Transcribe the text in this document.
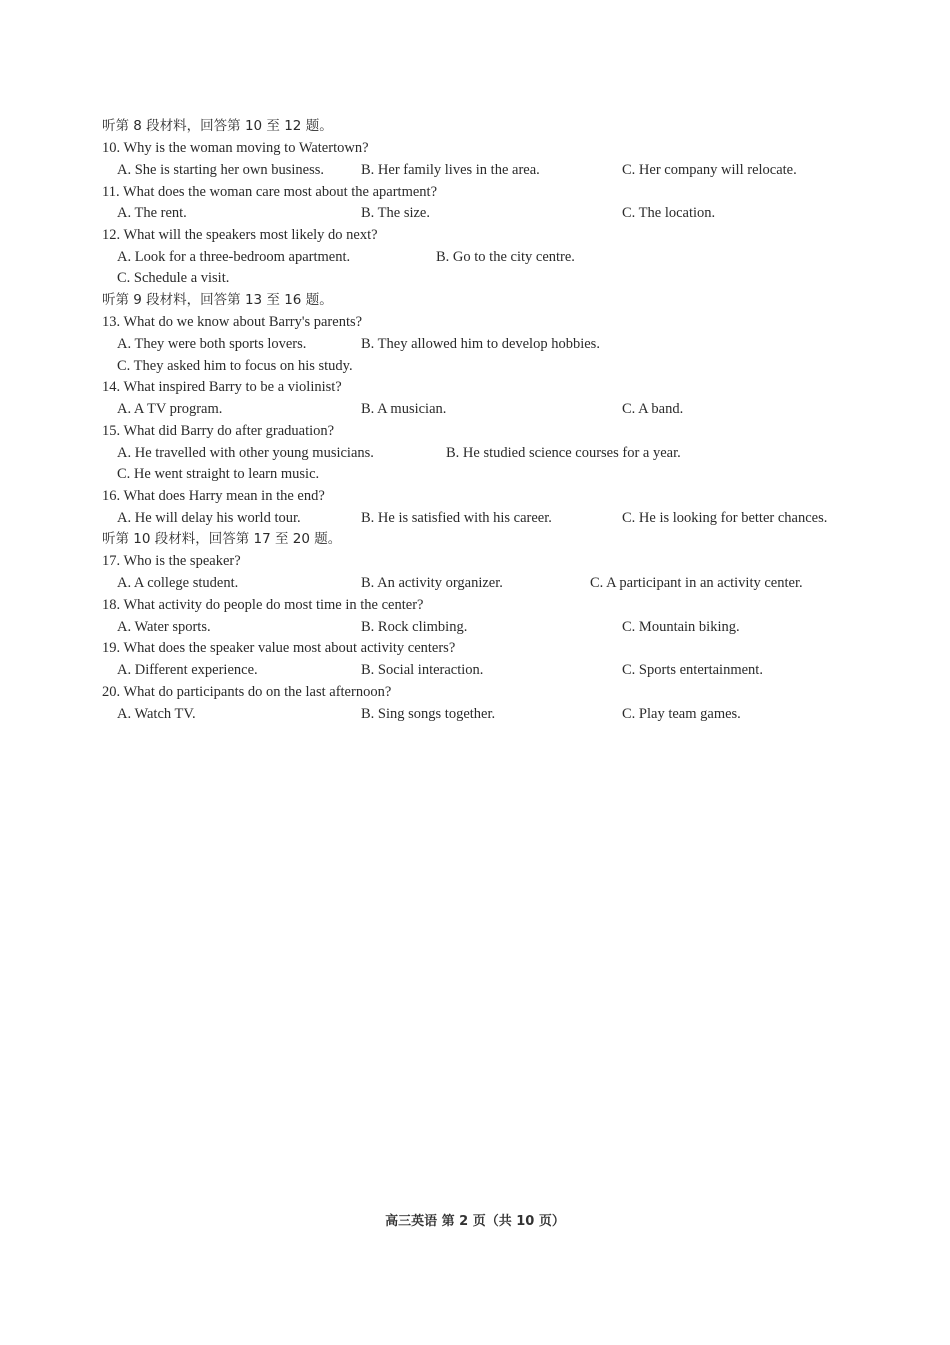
听第 8 段材料，回答第 10 至 12 题。
10. Why is the woman moving to Watertown?
A. She is starting her own business.	B. Her family lives in the area.	C. Her company will relocate.
11. What does the woman care most about the apartment?
A. The rent.	B. The size.	C. The location.
12. What will the speakers most likely do next?
A. Look for a three-bedroom apartment.	B. Go to the city centre.
C. Schedule a visit.
听第 9 段材料，回答第 13 至 16 题。
13. What do we know about Barry's parents?
A. They were both sports lovers.	B. They allowed him to develop hobbies.
C. They asked him to focus on his study.
14. What inspired Barry to be a violinist?
A. A TV program.	B. A musician.	C. A band.
15. What did Barry do after graduation?
A. He travelled with other young musicians.	B. He studied science courses for a year.
C. He went straight to learn music.
16. What does Harry mean in the end?
A. He will delay his world tour.	B. He is satisfied with his career.	C. He is looking for better chances.
听第 10 段材料，回答第 17 至 20 题。
17. Who is the speaker?
A. A college student.	B. An activity organizer.	C. A participant in an activity center.
18. What activity do people do most time in the center?
A. Water sports.	B. Rock climbing.	C. Mountain biking.
19. What does the speaker value most about activity centers?
A. Different experience.	B. Social interaction.	C. Sports entertainment.
20. What do participants do on the last afternoon?
A. Watch TV.	B. Sing songs together.	C. Play team games.
高三英语 第 2 页（共 10 页）
